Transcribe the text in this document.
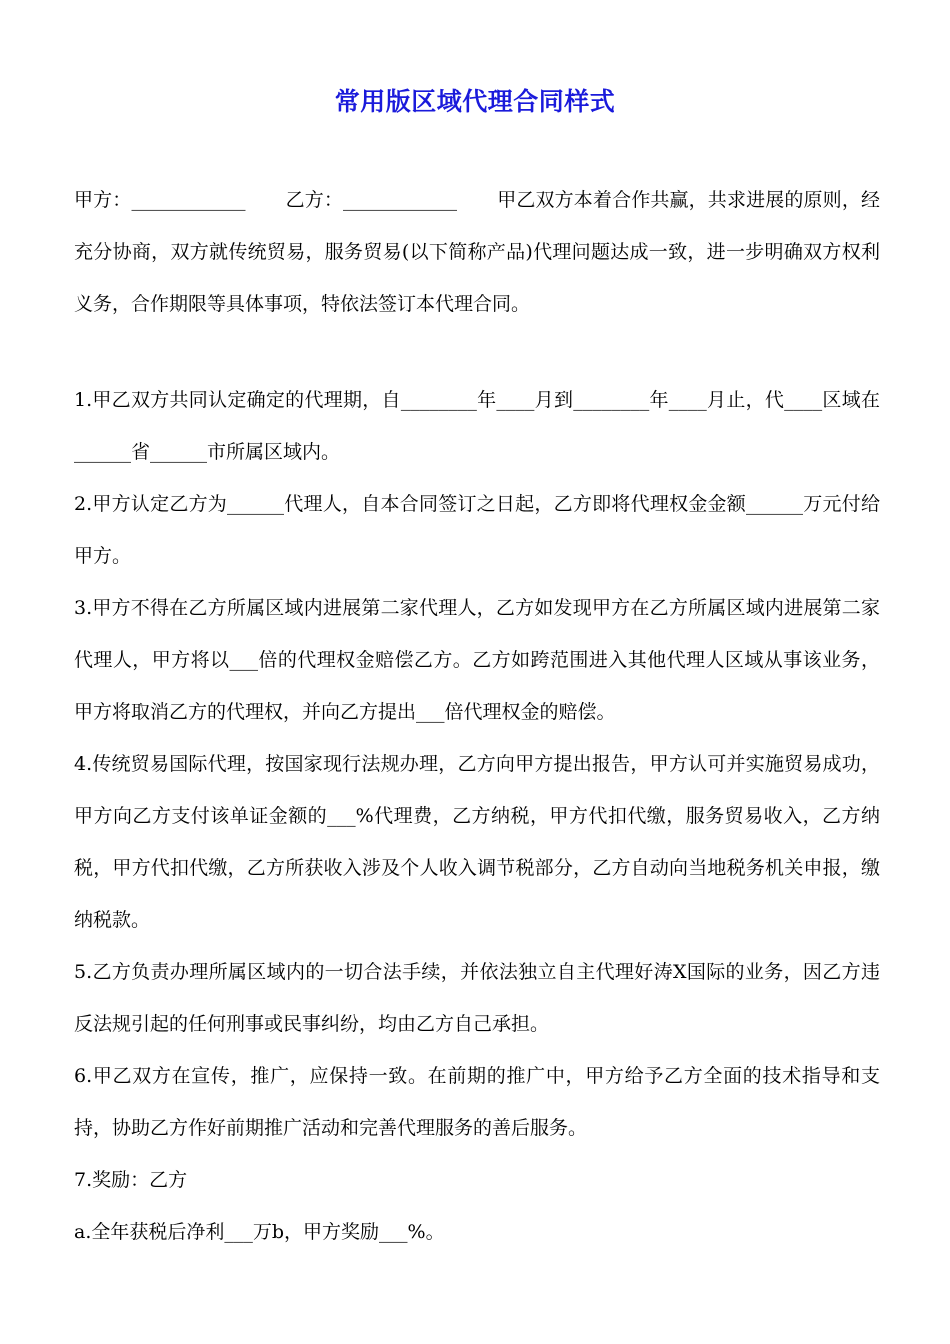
常用版区域代理合同样式
甲方：____________ 乙方：____________ 甲乙双方本着合作共赢，共求进展的原则，经充分协商，双方就传统贸易，服务贸易(以下简称产品)代理问题达成一致，进一步明确双方权利义务，合作期限等具体事项，特依法签订本代理合同。

1.甲乙双方共同认定确定的代理期，自________年____月到________年____月止，代____区域在______省______市所属区域内。

2.甲方认定乙方为______代理人，自本合同签订之日起，乙方即将代理权金金额______万元付给甲方。

3.甲方不得在乙方所属区域内进展第二家代理人，乙方如发现甲方在乙方所属区域内进展第二家代理人，甲方将以___倍的代理权金赔偿乙方。乙方如跨范围进入其他代理人区域从事该业务，甲方将取消乙方的代理权，并向乙方提出___倍代理权金的赔偿。

4.传统贸易国际代理，按国家现行法规办理，乙方向甲方提出报告，甲方认可并实施贸易成功，甲方向乙方支付该单证金额的___%代理费，乙方纳税，甲方代扣代缴，服务贸易收入，乙方纳税，甲方代扣代缴，乙方所获收入涉及个人收入调节税部分，乙方自动向当地税务机关申报，缴纳税款。

5.乙方负责办理所属区域内的一切合法手续，并依法独立自主代理好涛X国际的业务，因乙方违反法规引起的任何刑事或民事纠纷，均由乙方自己承担。

6.甲乙双方在宣传，推广，应保持一致。在前期的推广中，甲方给予乙方全面的技术指导和支持，协助乙方作好前期推广活动和完善代理服务的善后服务。

7.奖励：乙方

a.全年获税后净利___万b，甲方奖励___%。
